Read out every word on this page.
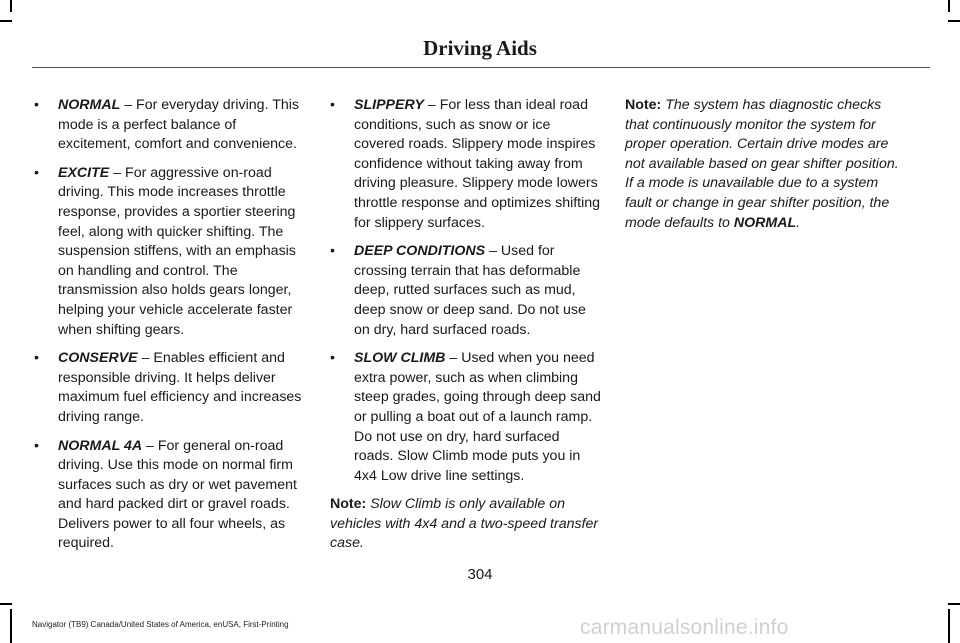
Driving Aids
• NORMAL – For everyday driving. This mode is a perfect balance of excitement, comfort and convenience.
• EXCITE – For aggressive on-road driving. This mode increases throttle response, provides a sportier steering feel, along with quicker shifting. The suspension stiffens, with an emphasis on handling and control. The transmission also holds gears longer, helping your vehicle accelerate faster when shifting gears.
• CONSERVE – Enables efficient and responsible driving. It helps deliver maximum fuel efficiency and increases driving range.
• NORMAL 4A – For general on-road driving. Use this mode on normal firm surfaces such as dry or wet pavement and hard packed dirt or gravel roads. Delivers power to all four wheels, as required.
• SLIPPERY – For less than ideal road conditions, such as snow or ice covered roads. Slippery mode inspires confidence without taking away from driving pleasure. Slippery mode lowers throttle response and optimizes shifting for slippery surfaces.
• DEEP CONDITIONS – Used for crossing terrain that has deformable deep, rutted surfaces such as mud, deep snow or deep sand. Do not use on dry, hard surfaced roads.
• SLOW CLIMB – Used when you need extra power, such as when climbing steep grades, going through deep sand or pulling a boat out of a launch ramp. Do not use on dry, hard surfaced roads. Slow Climb mode puts you in 4x4 Low drive line settings.

Note: Slow Climb is only available on vehicles with 4x4 and a two-speed transfer case.

Note: The system has diagnostic checks that continuously monitor the system for proper operation. Certain drive modes are not available based on gear shifter position. If a mode is unavailable due to a system fault or change in gear shifter position, the mode defaults to NORMAL.

304
Navigator (TB9) Canada/United States of America, enUSA, First-Printing	carmanualsonline.info
